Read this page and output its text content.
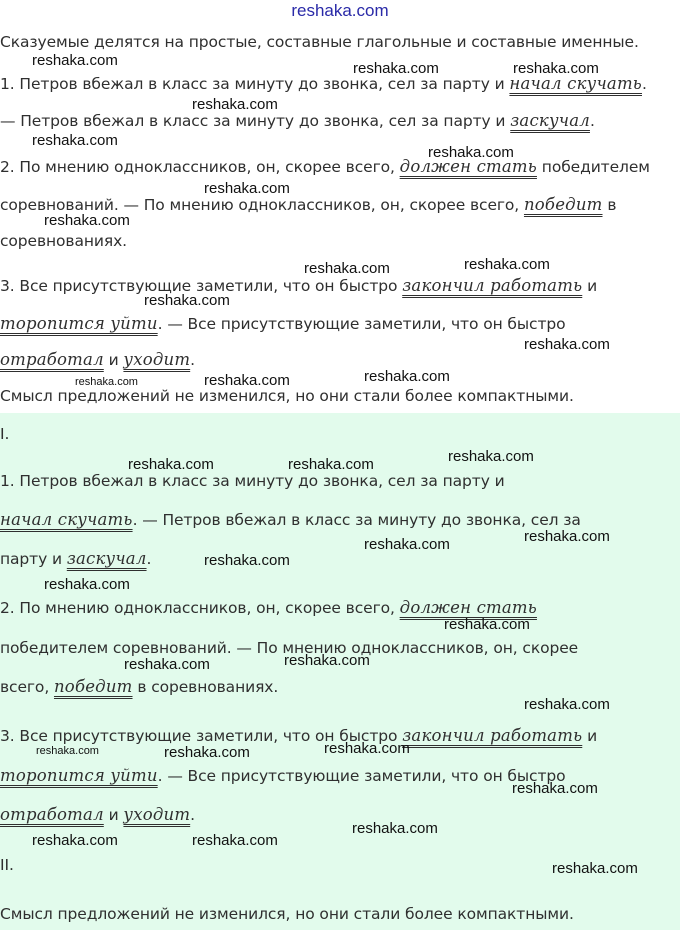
reshaka.com
Сказуемые делятся на простые, составные глагольные и составные именные.
1. Петров вбежал в класс за минуту до звонка, сел за парту и начал скучать.
— Петров вбежал в класс за минуту до звонка, сел за парту и заскучал.
2. По мнению одноклассников, он, скорее всего, должен стать победителем
соревнований. — По мнению одноклассников, он, скорее всего, победит в
соревнованиях.
3. Все присутствующие заметили, что он быстро закончил работать и
торопится уйти. — Все присутствующие заметили, что он быстро
отработал и уходит.
Смысл предложений не изменился, но они стали более компактными.
I.
1. Петров вбежал в класс за минуту до звонка, сел за парту и
начал скучать. — Петров вбежал в класс за минуту до звонка, сел за
парту и заскучал.
2. По мнению одноклассников, он, скорее всего, должен стать
победителем соревнований. — По мнению одноклассников, он, скорее
всего, победит в соревнованиях.
3. Все присутствующие заметили, что он быстро закончил работать и
торопится уйти. — Все присутствующие заметили, что он быстро
отработал и уходит.
II.
Смысл предложений не изменился, но они стали более компактными.
reshaka.com	reshaka.com	reshaka.com
reshaka.com
reshaka.com
reshaka.com
reshaka.com
reshaka.com
reshaka.com
reshaka.com
reshaka.com
reshaka.com
reshaka.com
reshaka.com
reshaka.com
reshaka.com
reshaka.com	reshaka.com
reshaka.com
reshaka.com
reshaka.com
reshaka.com
reshaka.com
reshaka.com
reshaka.com
reshaka.com
reshaka.com
reshaka.com
reshaka.com
reshaka.com
reshaka.com
reshaka.com	reshaka.com
reshaka.com
